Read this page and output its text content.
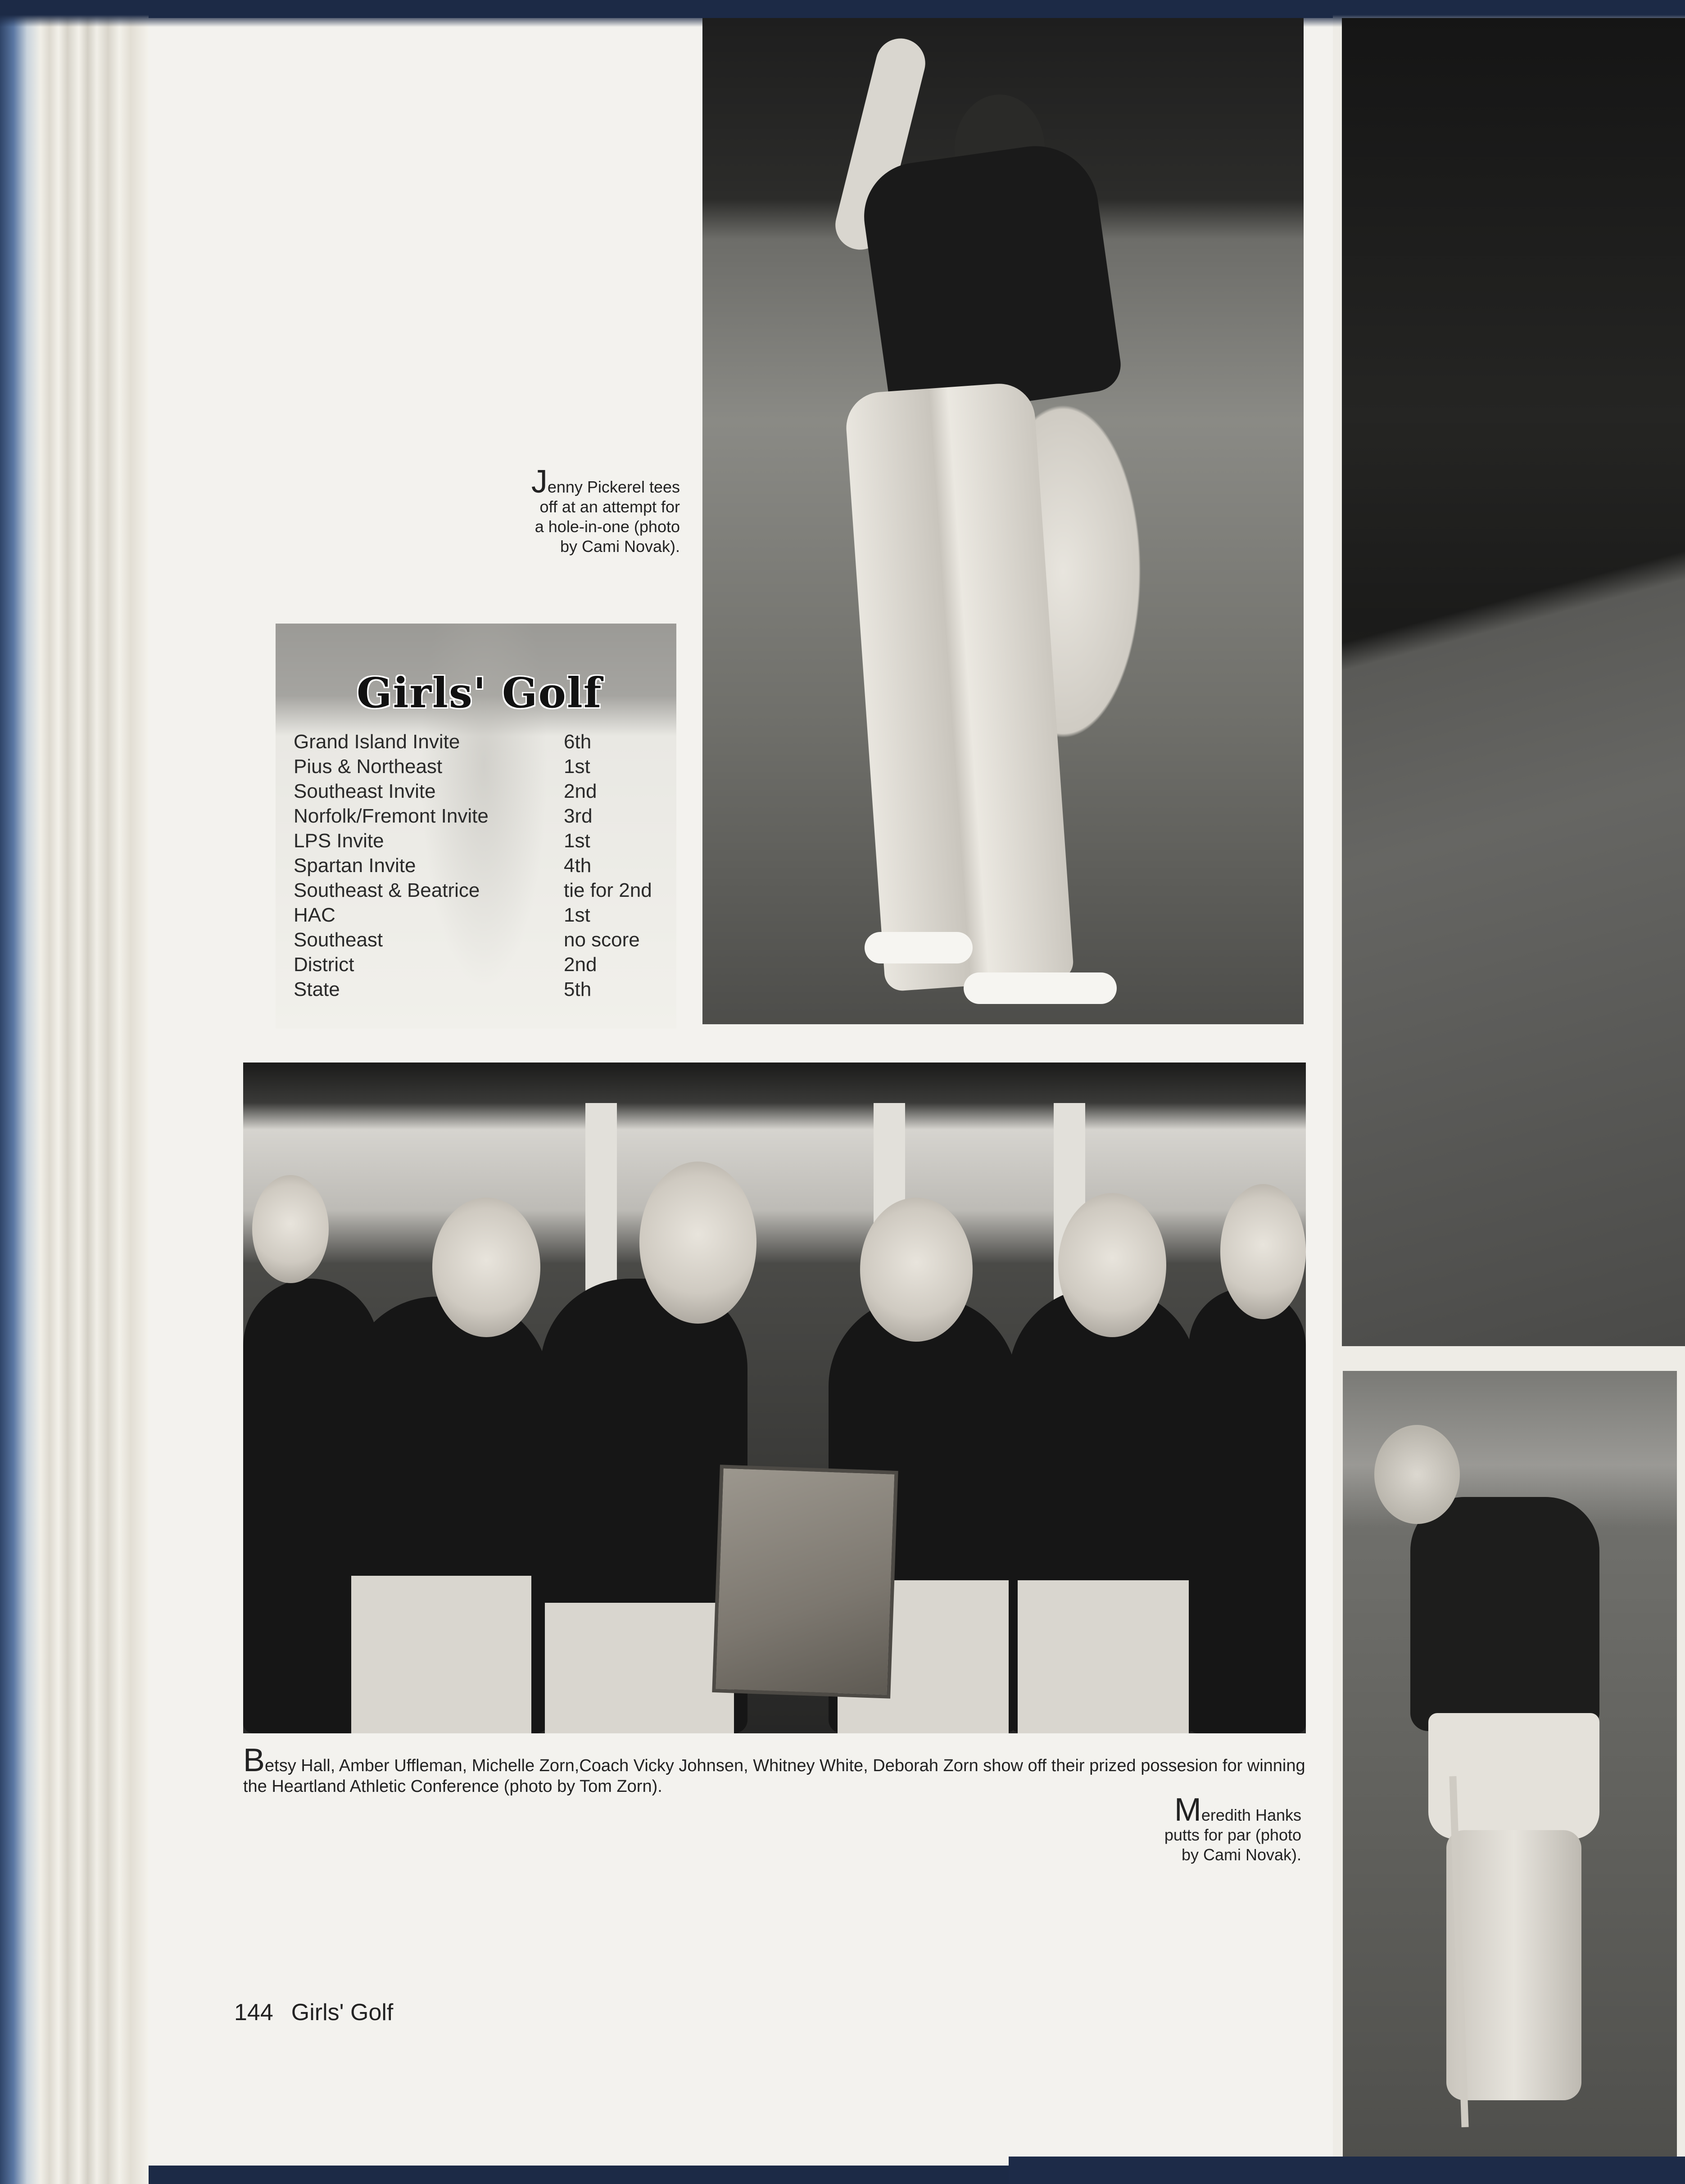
Girls' Golf
Grand Island Invite	6th
Pius & Northeast	1st
Southeast Invite	2nd
Norfolk/Fremont Invite	3rd
LPS Invite	1st
Spartan Invite	4th
Southeast & Beatrice	tie for 2nd
HAC	1st
Southeast	no score
District	2nd
State	5th
Jenny Pickerel tees off at an attempt for a hole-in-one (photo by Cami Novak).
Betsy Hall, Amber Uffleman, Michelle Zorn,Coach Vicky Johnsen, Whitney White, Deborah Zorn show off their prized possesion for winning the Heartland Athletic Conference (photo by Tom Zorn).
Meredith Hanks putts for par (photo by Cami Novak).
144 Girls' Golf
